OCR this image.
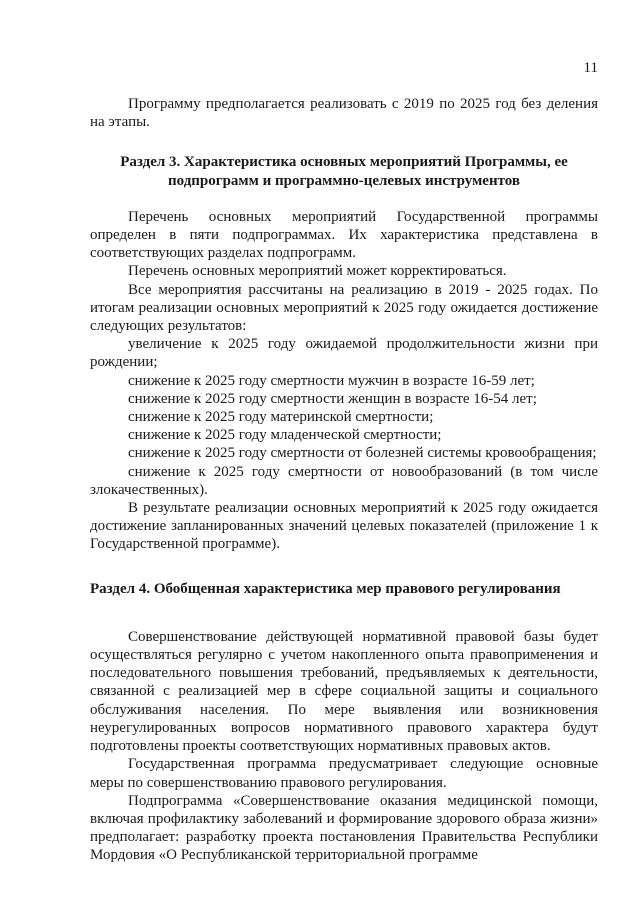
11

Программу предполагается реализовать с 2019 по 2025 год без деления на этапы.

Раздел 3. Характеристика основных мероприятий Программы, ее подпрограмм и программно-целевых инструментов

Перечень основных мероприятий Государственной программы определен в пяти подпрограммах. Их характеристика представлена в соответствующих разделах подпрограмм.

Перечень основных мероприятий может корректироваться.

Все мероприятия рассчитаны на реализацию в 2019 - 2025 годах. По итогам реализации основных мероприятий к 2025 году ожидается достижение следующих результатов:

увеличение к 2025 году ожидаемой продолжительности жизни при рождении;

снижение к 2025 году смертности мужчин в возрасте 16-59 лет;

снижение к 2025 году смертности женщин в возрасте 16-54 лет;

снижение к 2025 году материнской смертности;

снижение к 2025 году младенческой смертности;

снижение к 2025 году смертности от болезней системы кровообращения;

снижение к 2025 году смертности от новообразований (в том числе злокачественных).

В результате реализации основных мероприятий к 2025 году ожидается достижение запланированных значений целевых показателей (приложение 1 к Государственной программе).

Раздел 4. Обобщенная характеристика мер правового регулирования

Совершенствование действующей нормативной правовой базы будет осуществляться регулярно с учетом накопленного опыта правоприменения и последовательного повышения требований, предъявляемых к деятельности, связанной с реализацией мер в сфере социальной защиты и социального обслуживания населения. По мере выявления или возникновения неурегулированных вопросов нормативного правового характера будут подготовлены проекты соответствующих нормативных правовых актов.

Государственная программа предусматривает следующие основные меры по совершенствованию правового регулирования.

Подпрограмма «Совершенствование оказания медицинской помощи, включая профилактику заболеваний и формирование здорового образа жизни» предполагает: разработку проекта постановления Правительства Республики Мордовия «О Республиканской территориальной программе
